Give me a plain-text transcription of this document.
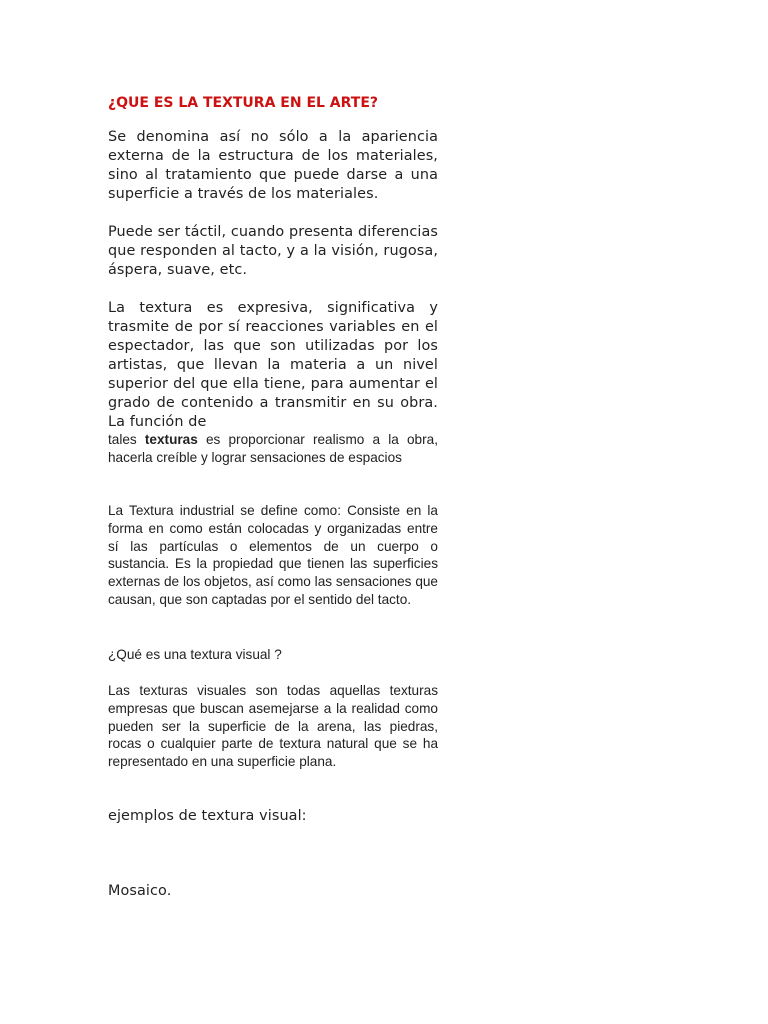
¿QUE ES LA TEXTURA EN EL ARTE?

Se denomina así no sólo a la apariencia externa de la estructura de los materiales, sino al tratamiento que puede darse a una superficie a través de los materiales.

Puede ser táctil, cuando presenta diferencias que responden al tacto, y a la visión, rugosa, áspera, suave, etc.

La textura es expresiva, significativa y trasmite de por sí reacciones variables en el espectador, las que son utilizadas por los artistas, que llevan la materia a un nivel superior del que ella tiene, para aumentar el grado de contenido a transmitir en su obra. La función de

tales texturas es proporcionar realismo a la obra, hacerla creíble y lograr sensaciones de espacios

La Textura industrial se define como: Consiste en la forma en como están colocadas y organizadas entre sí las partículas o elementos de un cuerpo o sustancia. Es la propiedad que tienen las superficies externas de los objetos, así como las sensaciones que causan, que son captadas por el sentido del tacto.

¿Qué es una textura visual ?

Las texturas visuales son todas aquellas texturas empresas que buscan asemejarse a la realidad como pueden ser la superficie de la arena, las piedras, rocas o cualquier parte de textura natural que se ha representado en una superficie plana.

ejemplos de textura visual:

Mosaico.
